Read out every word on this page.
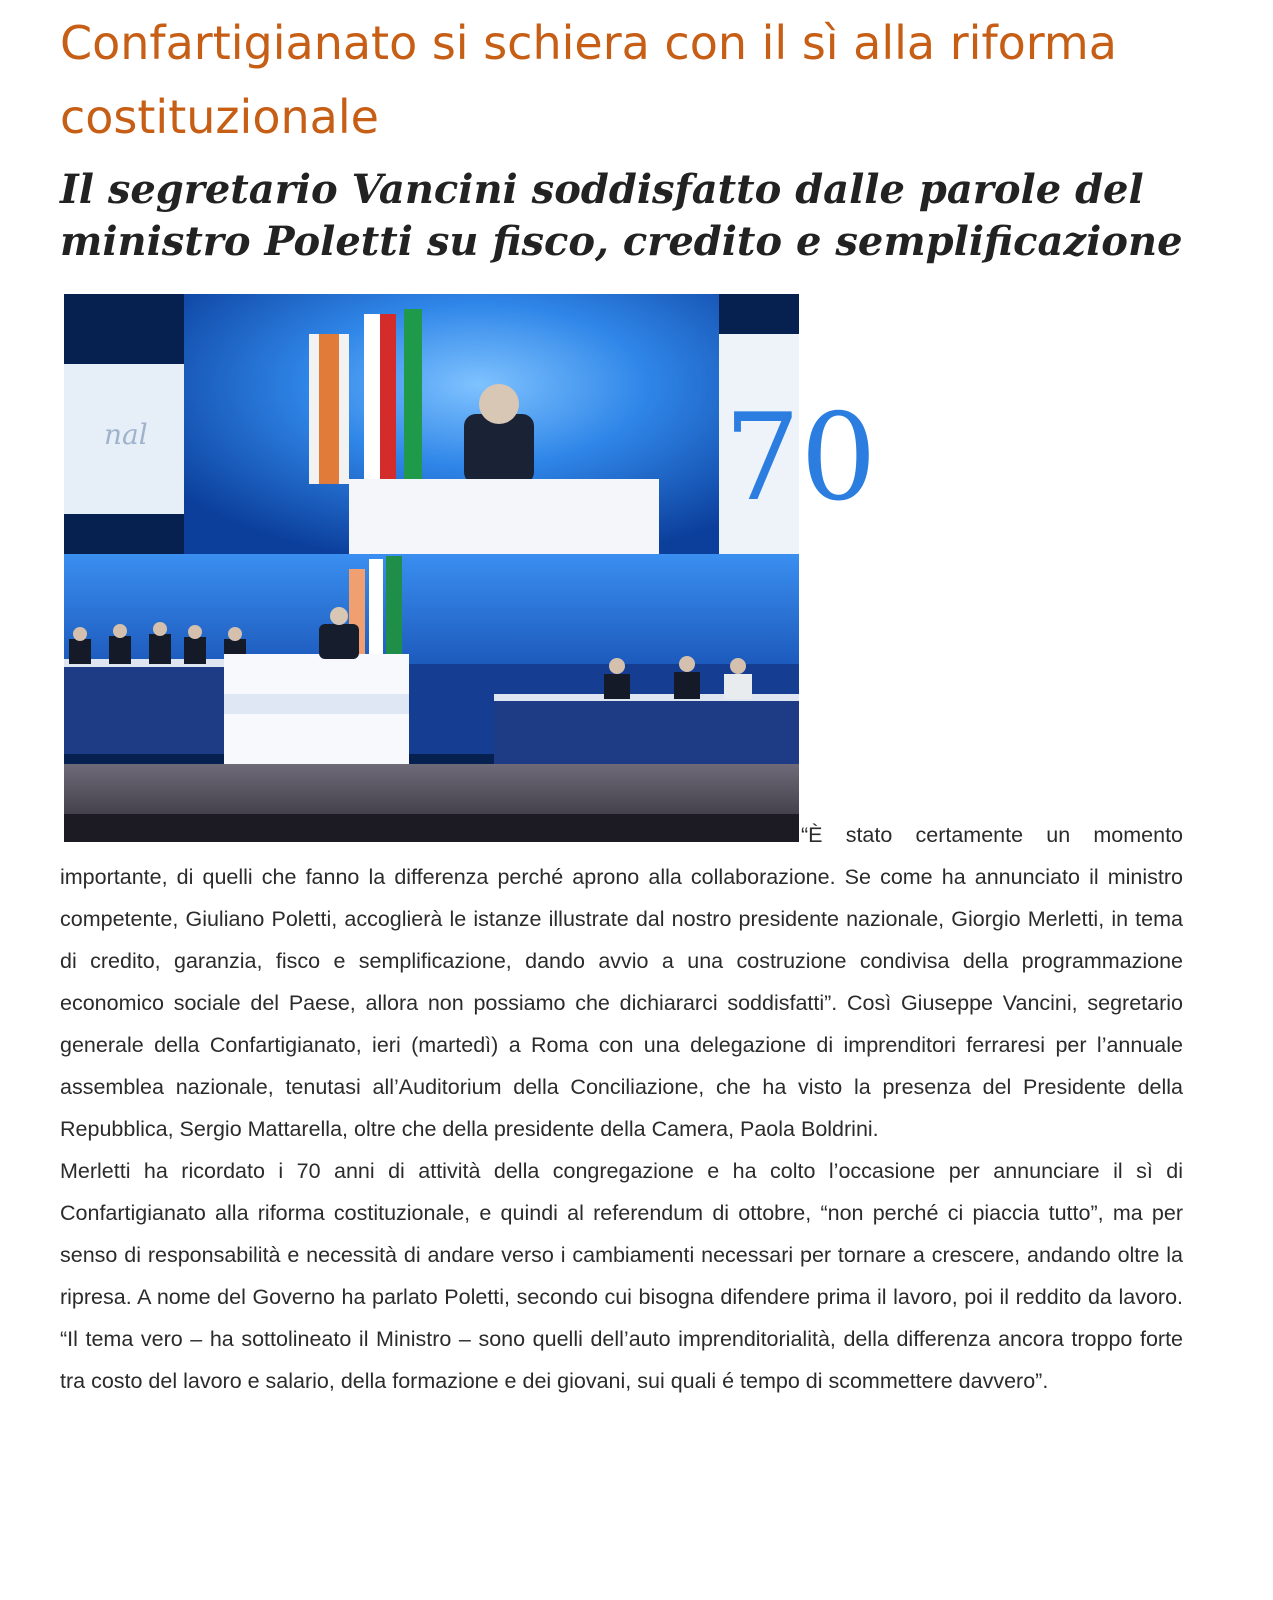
Confartigianato si schiera con il sì alla riforma costituzionale
Il segretario Vancini soddisfatto dalle parole del ministro Poletti su fisco, credito e semplificazione
nal	70

“È stato certamente un momento importante, di quelli che fanno la differenza perché aprono alla collaborazione. Se come ha annunciato il ministro competente, Giuliano Poletti, accoglierà le istanze illustrate dal nostro presidente nazionale, Giorgio Merletti, in tema di credito, garanzia, fisco e semplificazione, dando avvio a una costruzione condivisa della programmazione economico sociale del Paese, allora non possiamo che dichiararci soddisfatti”. Così Giuseppe Vancini, segretario generale della Confartigianato, ieri (martedì) a Roma con una delegazione di imprenditori ferraresi per l’annuale assemblea nazionale, tenutasi all’Auditorium della Conciliazione, che ha visto la presenza del Presidente della Repubblica, Sergio Mattarella, oltre che della presidente della Camera, Paola Boldrini.

Merletti ha ricordato i 70 anni di attività della congregazione e ha colto l’occasione per annunciare il sì di Confartigianato alla riforma costituzionale, e quindi al referendum di ottobre, “non perché ci piaccia tutto”, ma per senso di responsabilità e necessità di andare verso i cambiamenti necessari per tornare a crescere, andando oltre la ripresa. A nome del Governo ha parlato Poletti, secondo cui bisogna difendere prima il lavoro, poi il reddito da lavoro. “Il tema vero – ha sottolineato il Ministro – sono quelli dell’auto imprenditorialità, della differenza ancora troppo forte tra costo del lavoro e salario, della formazione e dei giovani, sui quali é tempo di scommettere davvero”.
